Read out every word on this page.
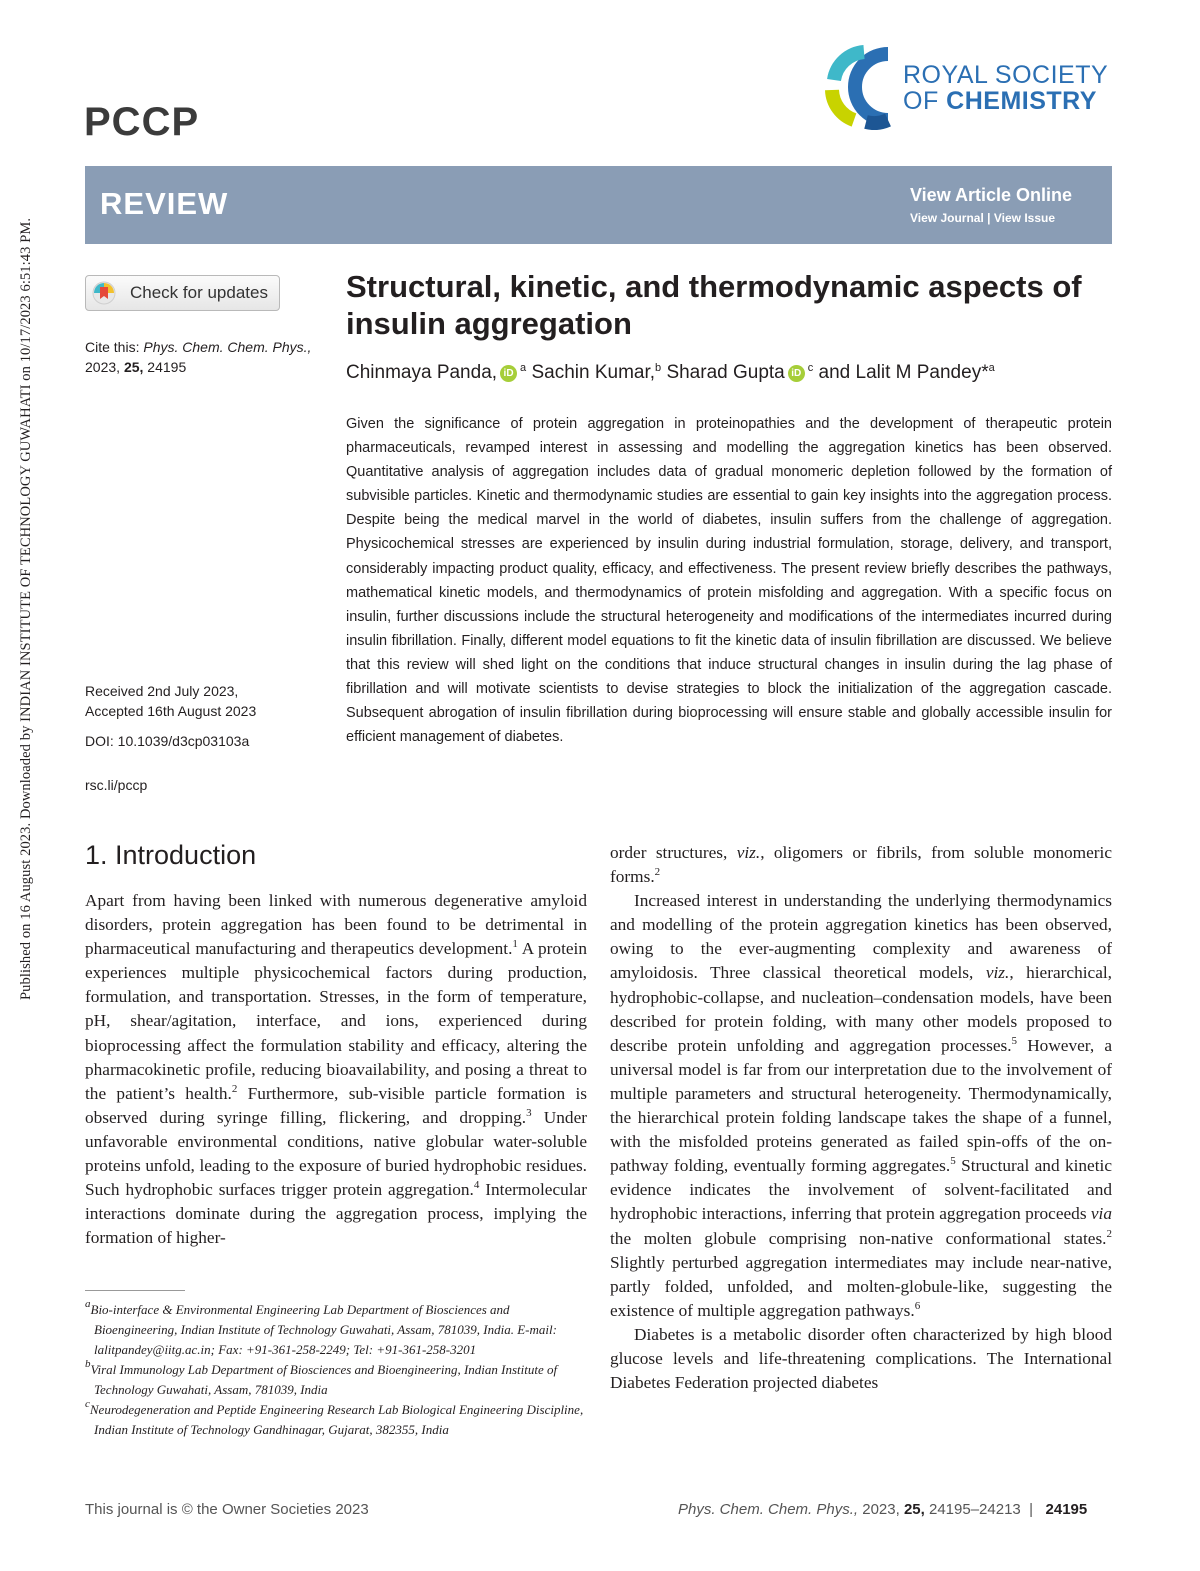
Published on 16 August 2023. Downloaded by INDIAN INSTITUTE OF TECHNOLOGY GUWAHATI on 10/17/2023 6:51:43 PM.
PCCP
ROYAL SOCIETY
OF CHEMISTRY
REVIEW	View Article Online
View Journal | View Issue
Check for updates
Cite this: Phys. Chem. Chem. Phys.,
2023, 25, 24195
Received 2nd July 2023,
Accepted 16th August 2023
DOI: 10.1039/d3cp03103a
rsc.li/pccp
Structural, kinetic, and thermodynamic aspects of insulin aggregation
Chinmaya Panda, iD $^a$ Sachin Kumar,$^b$ Sharad Gupta iD $^c$ and Lalit M Pandey*$^a$
Given the significance of protein aggregation in proteinopathies and the development of therapeutic protein pharmaceuticals, revamped interest in assessing and modelling the aggregation kinetics has been observed. Quantitative analysis of aggregation includes data of gradual monomeric depletion followed by the formation of subvisible particles. Kinetic and thermodynamic studies are essential to gain key insights into the aggregation process. Despite being the medical marvel in the world of diabetes, insulin suffers from the challenge of aggregation. Physicochemical stresses are experienced by insulin during industrial formulation, storage, delivery, and transport, considerably impacting product quality, efficacy, and effectiveness. The present review briefly describes the pathways, mathematical kinetic models, and thermodynamics of protein misfolding and aggregation. With a specific focus on insulin, further discussions include the structural heterogeneity and modifications of the intermediates incurred during insulin fibrillation. Finally, different model equations to fit the kinetic data of insulin fibrillation are discussed. We believe that this review will shed light on the conditions that induce structural changes in insulin during the lag phase of fibrillation and will motivate scientists to devise strategies to block the initialization of the aggregation cascade. Subsequent abrogation of insulin fibrillation during bioprocessing will ensure stable and globally accessible insulin for efficient management of diabetes.
1. Introduction

Apart from having been linked with numerous degenerative amyloid disorders, protein aggregation has been found to be detrimental in pharmaceutical manufacturing and therapeutics development.$^1$ A protein experiences multiple physicochemical factors during production, formulation, and transportation. Stresses, in the form of temperature, pH, shear/agitation, interface, and ions, experienced during bioprocessing affect the formulation stability and efficacy, altering the pharmacokinetic profile, reducing bioavailability, and posing a threat to the patient’s health.$^2$ Furthermore, sub-visible particle formation is observed during syringe filling, flickering, and dropping.$^3$ Under unfavorable environmental conditions, native globular water-soluble proteins unfold, leading to the exposure of buried hydrophobic residues. Such hydrophobic surfaces trigger protein aggregation.$^4$ Intermolecular interactions dominate during the aggregation process, implying the formation of higher-

order structures, viz., oligomers or fibrils, from soluble monomeric forms.$^2$

Increased interest in understanding the underlying thermodynamics and modelling of the protein aggregation kinetics has been observed, owing to the ever-augmenting complexity and awareness of amyloidosis. Three classical theoretical models, viz., hierarchical, hydrophobic-collapse, and nucleation–condensation models, have been described for protein folding, with many other models proposed to describe protein unfolding and aggregation processes.$^5$ However, a universal model is far from our interpretation due to the involvement of multiple parameters and structural heterogeneity. Thermodynamically, the hierarchical protein folding landscape takes the shape of a funnel, with the misfolded proteins generated as failed spin-offs of the on-pathway folding, eventually forming aggregates.$^5$ Structural and kinetic evidence indicates the involvement of solvent-facilitated and hydrophobic interactions, inferring that protein aggregation proceeds via the molten globule comprising non-native conformational states.$^2$ Slightly perturbed aggregation intermediates may include near-native, partly folded, unfolded, and molten-globule-like, suggesting the existence of multiple aggregation pathways.$^6$

Diabetes is a metabolic disorder often characterized by high blood glucose levels and life-threatening complications. The International Diabetes Federation projected diabetes

$^a$Bio-interface & Environmental Engineering Lab Department of Biosciences and Bioengineering, Indian Institute of Technology Guwahati, Assam, 781039, India. E-mail: lalitpandey@iitg.ac.in; Fax: +91-361-258-2249; Tel: +91-361-258-3201
$^b$Viral Immunology Lab Department of Biosciences and Bioengineering, Indian Institute of Technology Guwahati, Assam, 781039, India
$^c$Neurodegeneration and Peptide Engineering Research Lab Biological Engineering Discipline, Indian Institute of Technology Gandhinagar, Gujarat, 382355, India
This journal is © the Owner Societies 2023	Phys. Chem. Chem. Phys., 2023, 25, 24195–24213 | 24195
